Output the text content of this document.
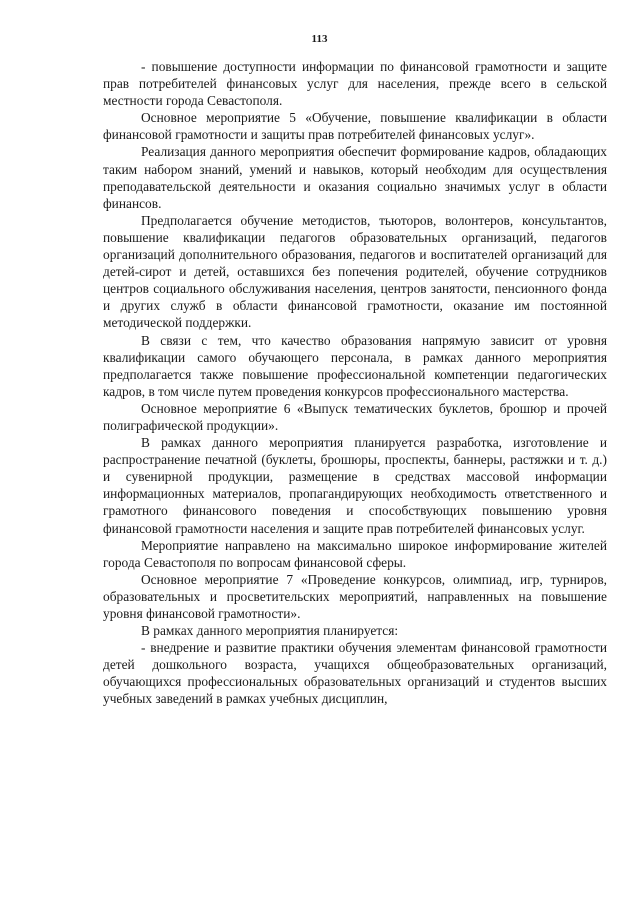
113

- повышение доступности информации по финансовой грамотности и защите прав потребителей финансовых услуг для населения, прежде всего в сельской местности города Севастополя.

Основное мероприятие 5 «Обучение, повышение квалификации в области финансовой грамотности и защиты прав потребителей финансовых услуг».

Реализация данного мероприятия обеспечит формирование кадров, обладающих таким набором знаний, умений и навыков, который необходим для осуществления преподавательской деятельности и оказания социально значимых услуг в области финансов.

Предполагается обучение методистов, тьюторов, волонтеров, консультантов, повышение квалификации педагогов образовательных организаций, педагогов организаций дополнительного образования, педагогов и воспитателей организаций для детей-сирот и детей, оставшихся без попечения родителей, обучение сотрудников центров социального обслуживания населения, центров занятости, пенсионного фонда и других служб в области финансовой грамотности, оказание им постоянной методической поддержки.

В связи с тем, что качество образования напрямую зависит от уровня квалификации самого обучающего персонала, в рамках данного мероприятия предполагается также повышение профессиональной компетенции педагогических кадров, в том числе путем проведения конкурсов профессионального мастерства.

Основное мероприятие 6 «Выпуск тематических буклетов, брошюр и прочей полиграфической продукции».

В рамках данного мероприятия планируется разработка, изготовление и распространение печатной (буклеты, брошюры, проспекты, баннеры, растяжки и т. д.) и сувенирной продукции, размещение в средствах массовой информации информационных материалов, пропагандирующих необходимость ответственного и грамотного финансового поведения и способствующих повышению уровня финансовой грамотности населения и защите прав потребителей финансовых услуг.

Мероприятие направлено на максимально широкое информирование жителей города Севастополя по вопросам финансовой сферы.

Основное мероприятие 7 «Проведение конкурсов, олимпиад, игр, турниров, образовательных и просветительских мероприятий, направленных на повышение уровня финансовой грамотности».

В рамках данного мероприятия планируется:

- внедрение и развитие практики обучения элементам финансовой грамотности детей дошкольного возраста, учащихся общеобразовательных организаций, обучающихся профессиональных образовательных организаций и студентов высших учебных заведений в рамках учебных дисциплин,
